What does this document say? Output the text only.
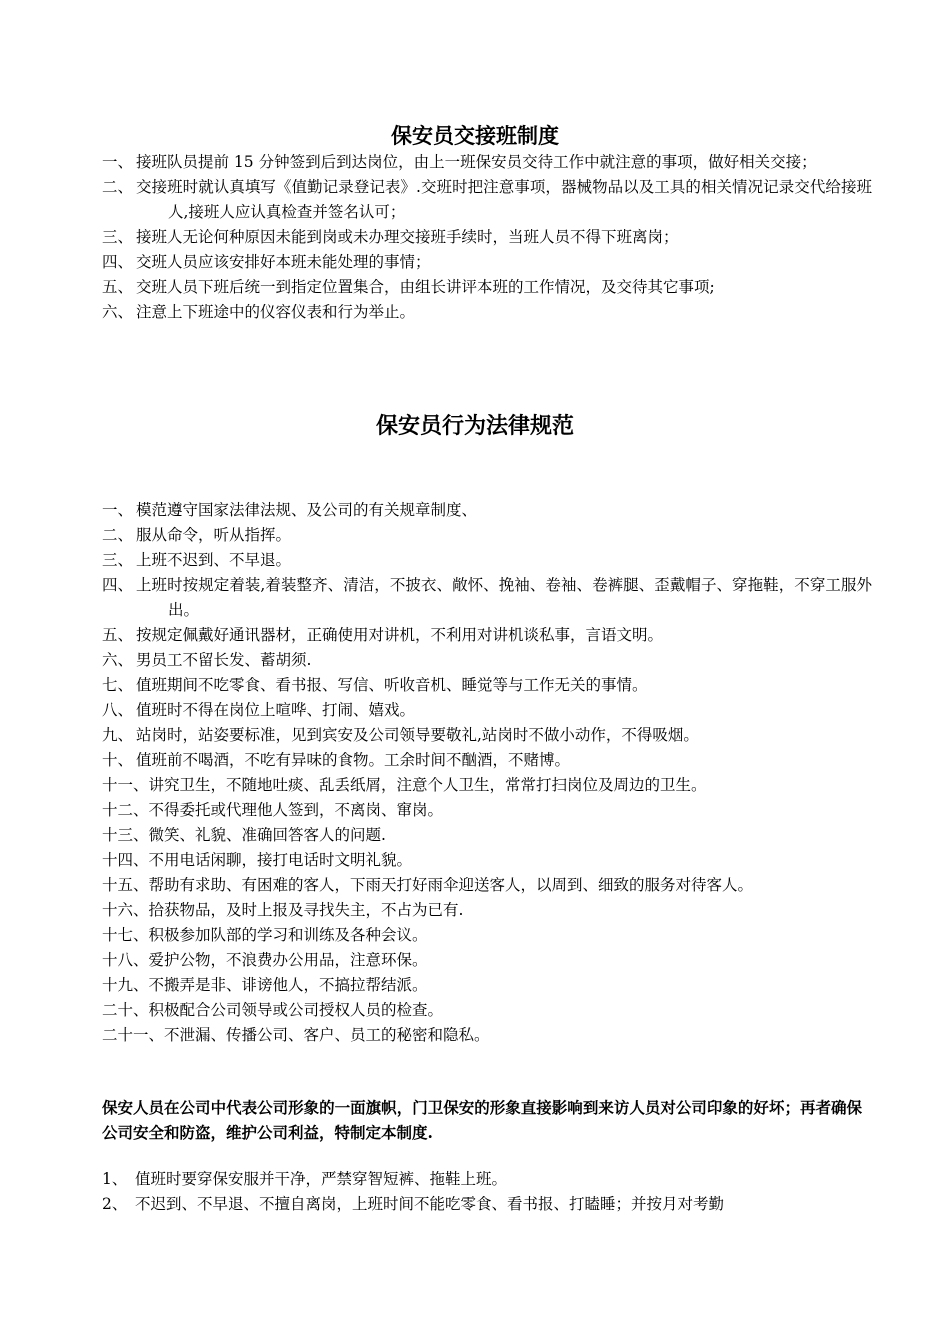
保安员交接班制度
一、 接班队员提前 15 分钟签到后到达岗位，由上一班保安员交待工作中就注意的事项，做好相关交接；
二、 交接班时就认真填写《值勤记录登记表》.交班时把注意事项，器械物品以及工具的相关情况记录交代给接班人,接班人应认真检查并签名认可；
三、 接班人无论何种原因未能到岗或未办理交接班手续时，当班人员不得下班离岗；
四、 交班人员应该安排好本班未能处理的事情；
五、 交班人员下班后统一到指定位置集合，由组长讲评本班的工作情况，及交待其它事项;
六、 注意上下班途中的仪容仪表和行为举止。
保安员行为法律规范
一、 模范遵守国家法律法规、及公司的有关规章制度、
二、 服从命令，听从指挥。
三、 上班不迟到、不早退。
四、 上班时按规定着装,着装整齐、清洁，不披衣、敞怀、挽袖、卷袖、卷裤腿、歪戴帽子、穿拖鞋，不穿工服外出。
五、 按规定佩戴好通讯器材，正确使用对讲机，不利用对讲机谈私事，言语文明。
六、 男员工不留长发、蓄胡须.
七、 值班期间不吃零食、看书报、写信、听收音机、睡觉等与工作无关的事情。
八、 值班时不得在岗位上喧哗、打闹、嬉戏。
九、 站岗时，站姿要标准，见到宾安及公司领导要敬礼,站岗时不做小动作，不得吸烟。
十、 值班前不喝酒，不吃有异味的食物。工余时间不酗酒，不赌博。
十一、讲究卫生，不随地吐痰、乱丢纸屑，注意个人卫生，常常打扫岗位及周边的卫生。
十二、不得委托或代理他人签到，不离岗、窜岗。
十三、微笑、礼貌、准确回答客人的问题.
十四、不用电话闲聊，接打电话时文明礼貌。
十五、帮助有求助、有困难的客人，下雨天打好雨伞迎送客人，以周到、细致的服务对待客人。
十六、拾获物品，及时上报及寻找失主，不占为已有.
十七、积极参加队部的学习和训练及各种会议。
十八、爱护公物，不浪费办公用品，注意环保。
十九、不搬弄是非、诽谤他人，不搞拉帮结派。
二十、积极配合公司领导或公司授权人员的检查。
二十一、不泄漏、传播公司、客户、员工的秘密和隐私。
保安人员在公司中代表公司形象的一面旗帜，门卫保安的形象直接影响到来访人员对公司印象的好坏；再者确保公司安全和防盗，维护公司利益，特制定本制度.
1、 值班时要穿保安服并干净，严禁穿智短裤、拖鞋上班。
2、 不迟到、不早退、不擅自离岗，上班时间不能吃零食、看书报、打瞌睡；并按月对考勤
